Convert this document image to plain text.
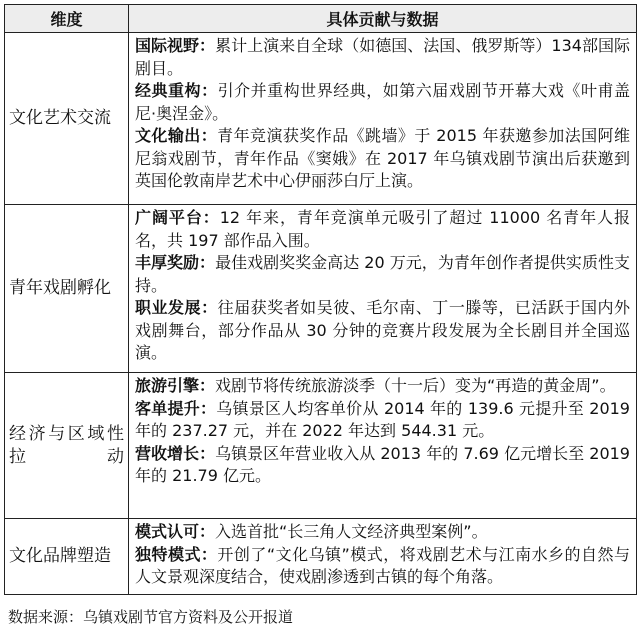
维度	具体贡献与数据
文化艺术交流	国际视野：累计上演来自全球（如德国、法国、俄罗斯等）134部国际剧目。

经典重构：引介并重构世界经典，如第六届戏剧节开幕大戏《叶甫盖尼·奥涅金》。

文化输出：青年竞演获奖作品《跳墙》于 2015 年获邀参加法国阿维尼翁戏剧节，青年作品《窦娥》在 2017 年乌镇戏剧节演出后获邀到英国伦敦南岸艺术中心伊丽莎白厅上演。

青年戏剧孵化	广阔平台：12 年来，青年竞演单元吸引了超过 11000 名青年人报名，共 197 部作品入围。

丰厚奖励：最佳戏剧奖奖金高达 20 万元，为青年创作者提供实质性支持。

职业发展：往届获奖者如吴彼、毛尔南、丁一滕等，已活跃于国内外戏剧舞台，部分作品从 30 分钟的竞赛片段发展为全长剧目并全国巡演。

经济与区域性拉动	旅游引擎：戏剧节将传统旅游淡季（十一后）变为“再造的黄金周”。

客单提升：乌镇景区人均客单价从 2014 年的 139.6 元提升至 2019 年的 237.27 元，并在 2022 年达到 544.31 元。

营收增长：乌镇景区年营业收入从 2013 年的 7.69 亿元增长至 2019 年的 21.79 亿元。

文化品牌塑造	模式认可：入选首批“长三角人文经济典型案例”。

独特模式：开创了“文化乌镇”模式，将戏剧艺术与江南水乡的自然与人文景观深度结合，使戏剧渗透到古镇的每个角落。

数据来源：乌镇戏剧节官方资料及公开报道
